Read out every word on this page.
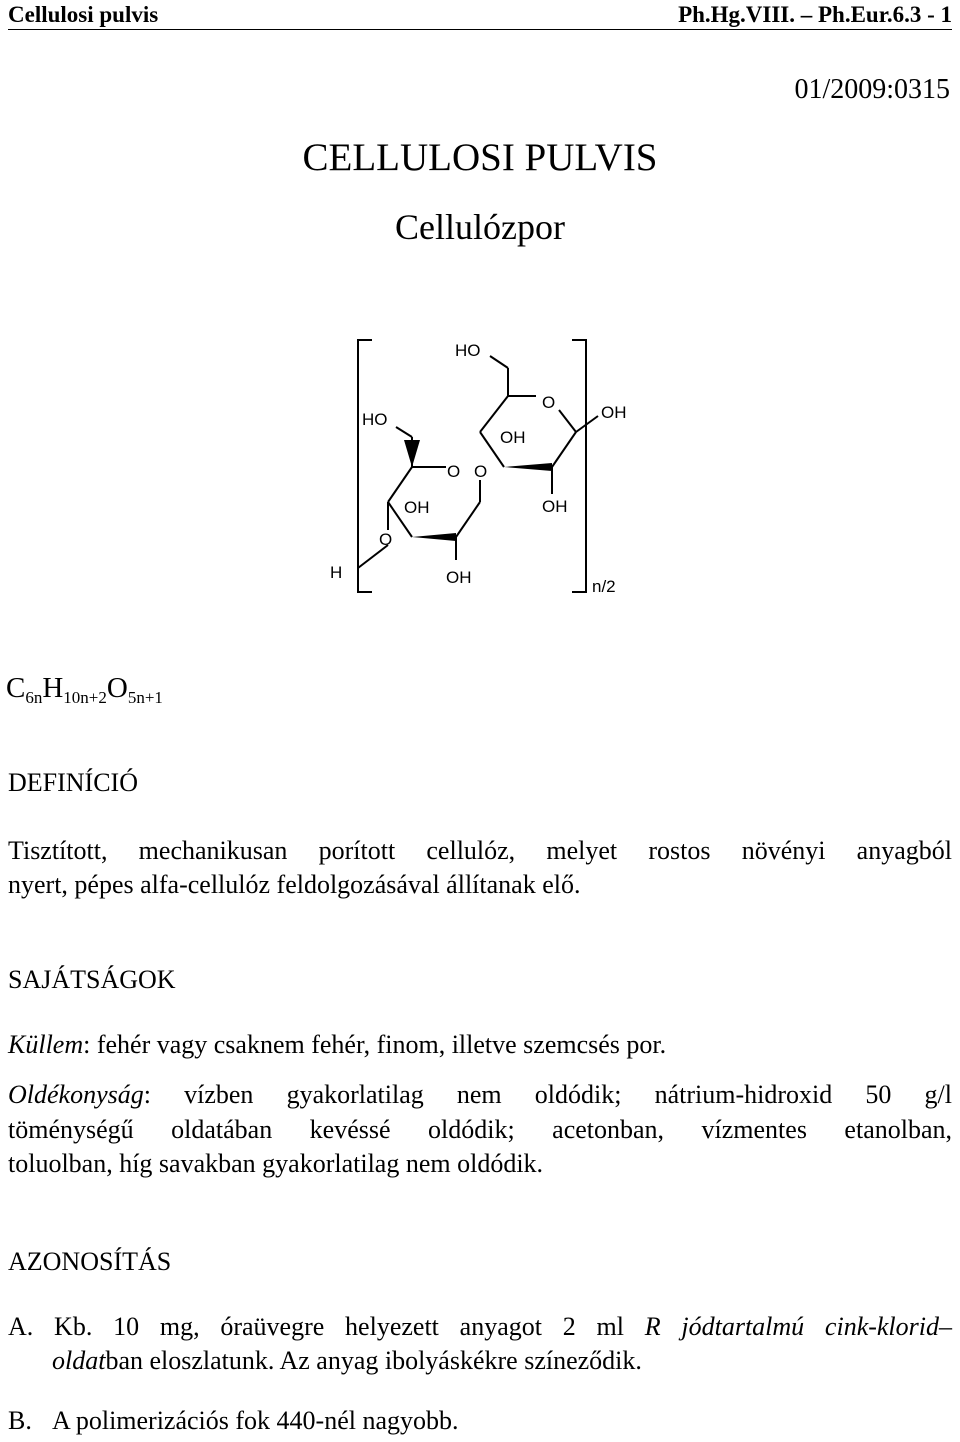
Cellulosi pulvis	Ph.Hg.VIII. – Ph.Eur.6.3 - 1
01/2009:0315
CELLULOSI PULVIS
Cellulózpor
HO
HO
O
OH
OH
O O
OH	OH
O
H	OH	n/2
$C_{6n}H_{10n+2}O_{5n+1}$
DEFINÍCIÓ
Tisztított, mechanikusan porított cellulóz, melyet rostos növényi anyagból
nyert, pépes alfa-cellulóz feldolgozásával állítanak elő.
SAJÁTSÁGOK
Küllem: fehér vagy csaknem fehér, finom, illetve szemcsés por.
Oldékonyság: vízben gyakorlatilag nem oldódik; nátrium-hidroxid 50 g/l
töménységű oldatában kevéssé oldódik; acetonban, vízmentes etanolban,
toluolban, híg savakban gyakorlatilag nem oldódik.
AZONOSÍTÁS
A. Kb. 10 mg, óraüvegre helyezett anyagot 2 ml R jódtartalmú cink-klorid–
oldatban eloszlatunk. Az anyag ibolyáskékre színeződik.
B. A polimerizációs fok 440-nél nagyobb.
